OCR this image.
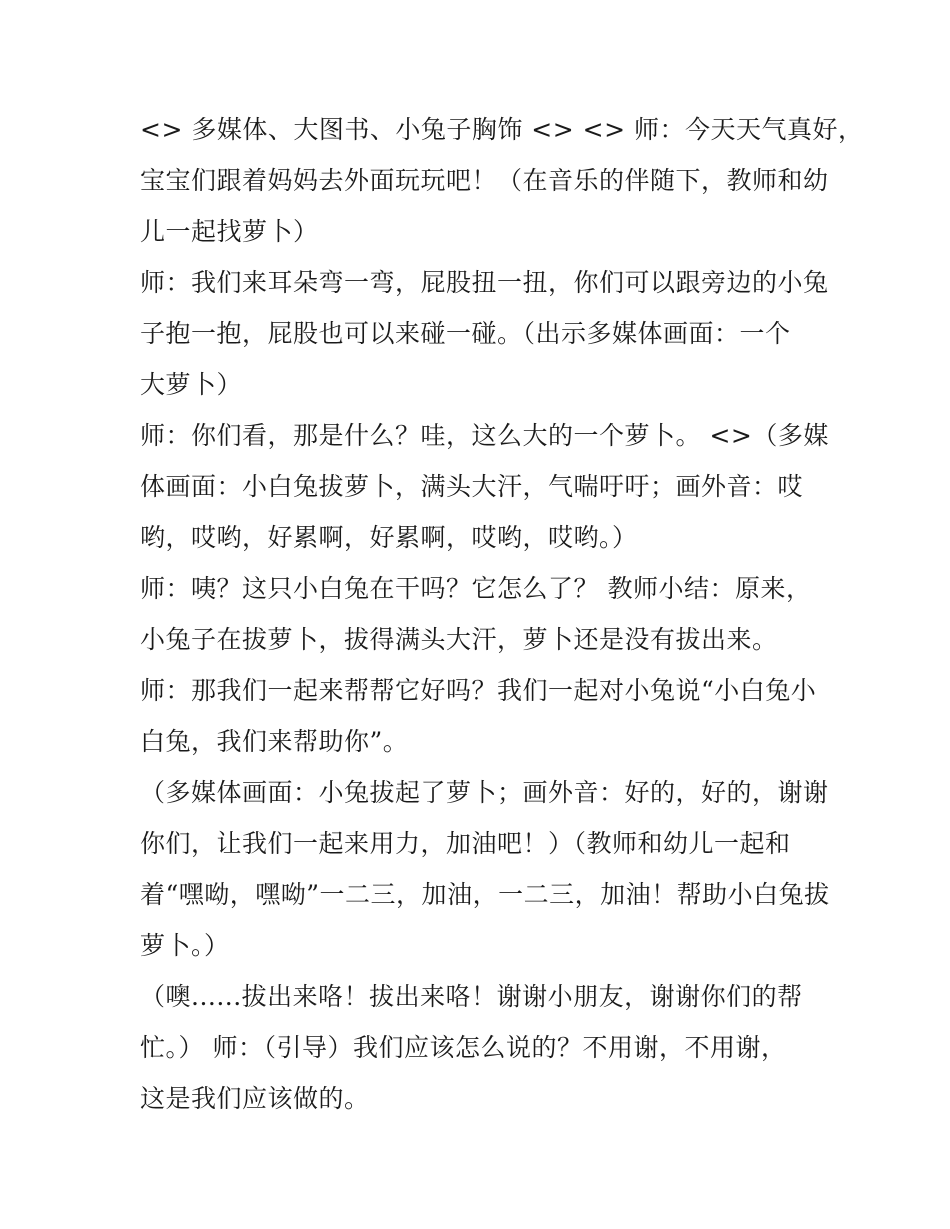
<> 多媒体、大图书、小兔子胸饰 <> <> 师：今天天气真好，
宝宝们跟着妈妈去外面玩玩吧！（在音乐的伴随下，教师和幼
儿一起找萝卜）
师：我们来耳朵弯一弯，屁股扭一扭，你们可以跟旁边的小兔
子抱一抱，屁股也可以来碰一碰。（出示多媒体画面：一个
大萝卜）
师：你们看，那是什么？哇，这么大的一个萝卜。 <>（多媒
体画面：小白兔拔萝卜，满头大汗，气喘吁吁；画外音：哎
哟，哎哟，好累啊，好累啊，哎哟，哎哟。）
师：咦？这只小白兔在干吗？它怎么了？ 教师小结：原来，
小兔子在拔萝卜，拔得满头大汗，萝卜还是没有拔出来。
师：那我们一起来帮帮它好吗？我们一起对小兔说“小白兔小
白兔，我们来帮助你”。
（多媒体画面：小兔拔起了萝卜；画外音：好的，好的，谢谢
你们，让我们一起来用力，加油吧！）（教师和幼儿一起和
着“嘿呦，嘿呦”一二三，加油，一二三，加油！帮助小白兔拔
萝卜。）
（噢......拔出来咯！拔出来咯！谢谢小朋友，谢谢你们的帮
忙。） 师：（引导）我们应该怎么说的？不用谢，不用谢，
这是我们应该做的。
